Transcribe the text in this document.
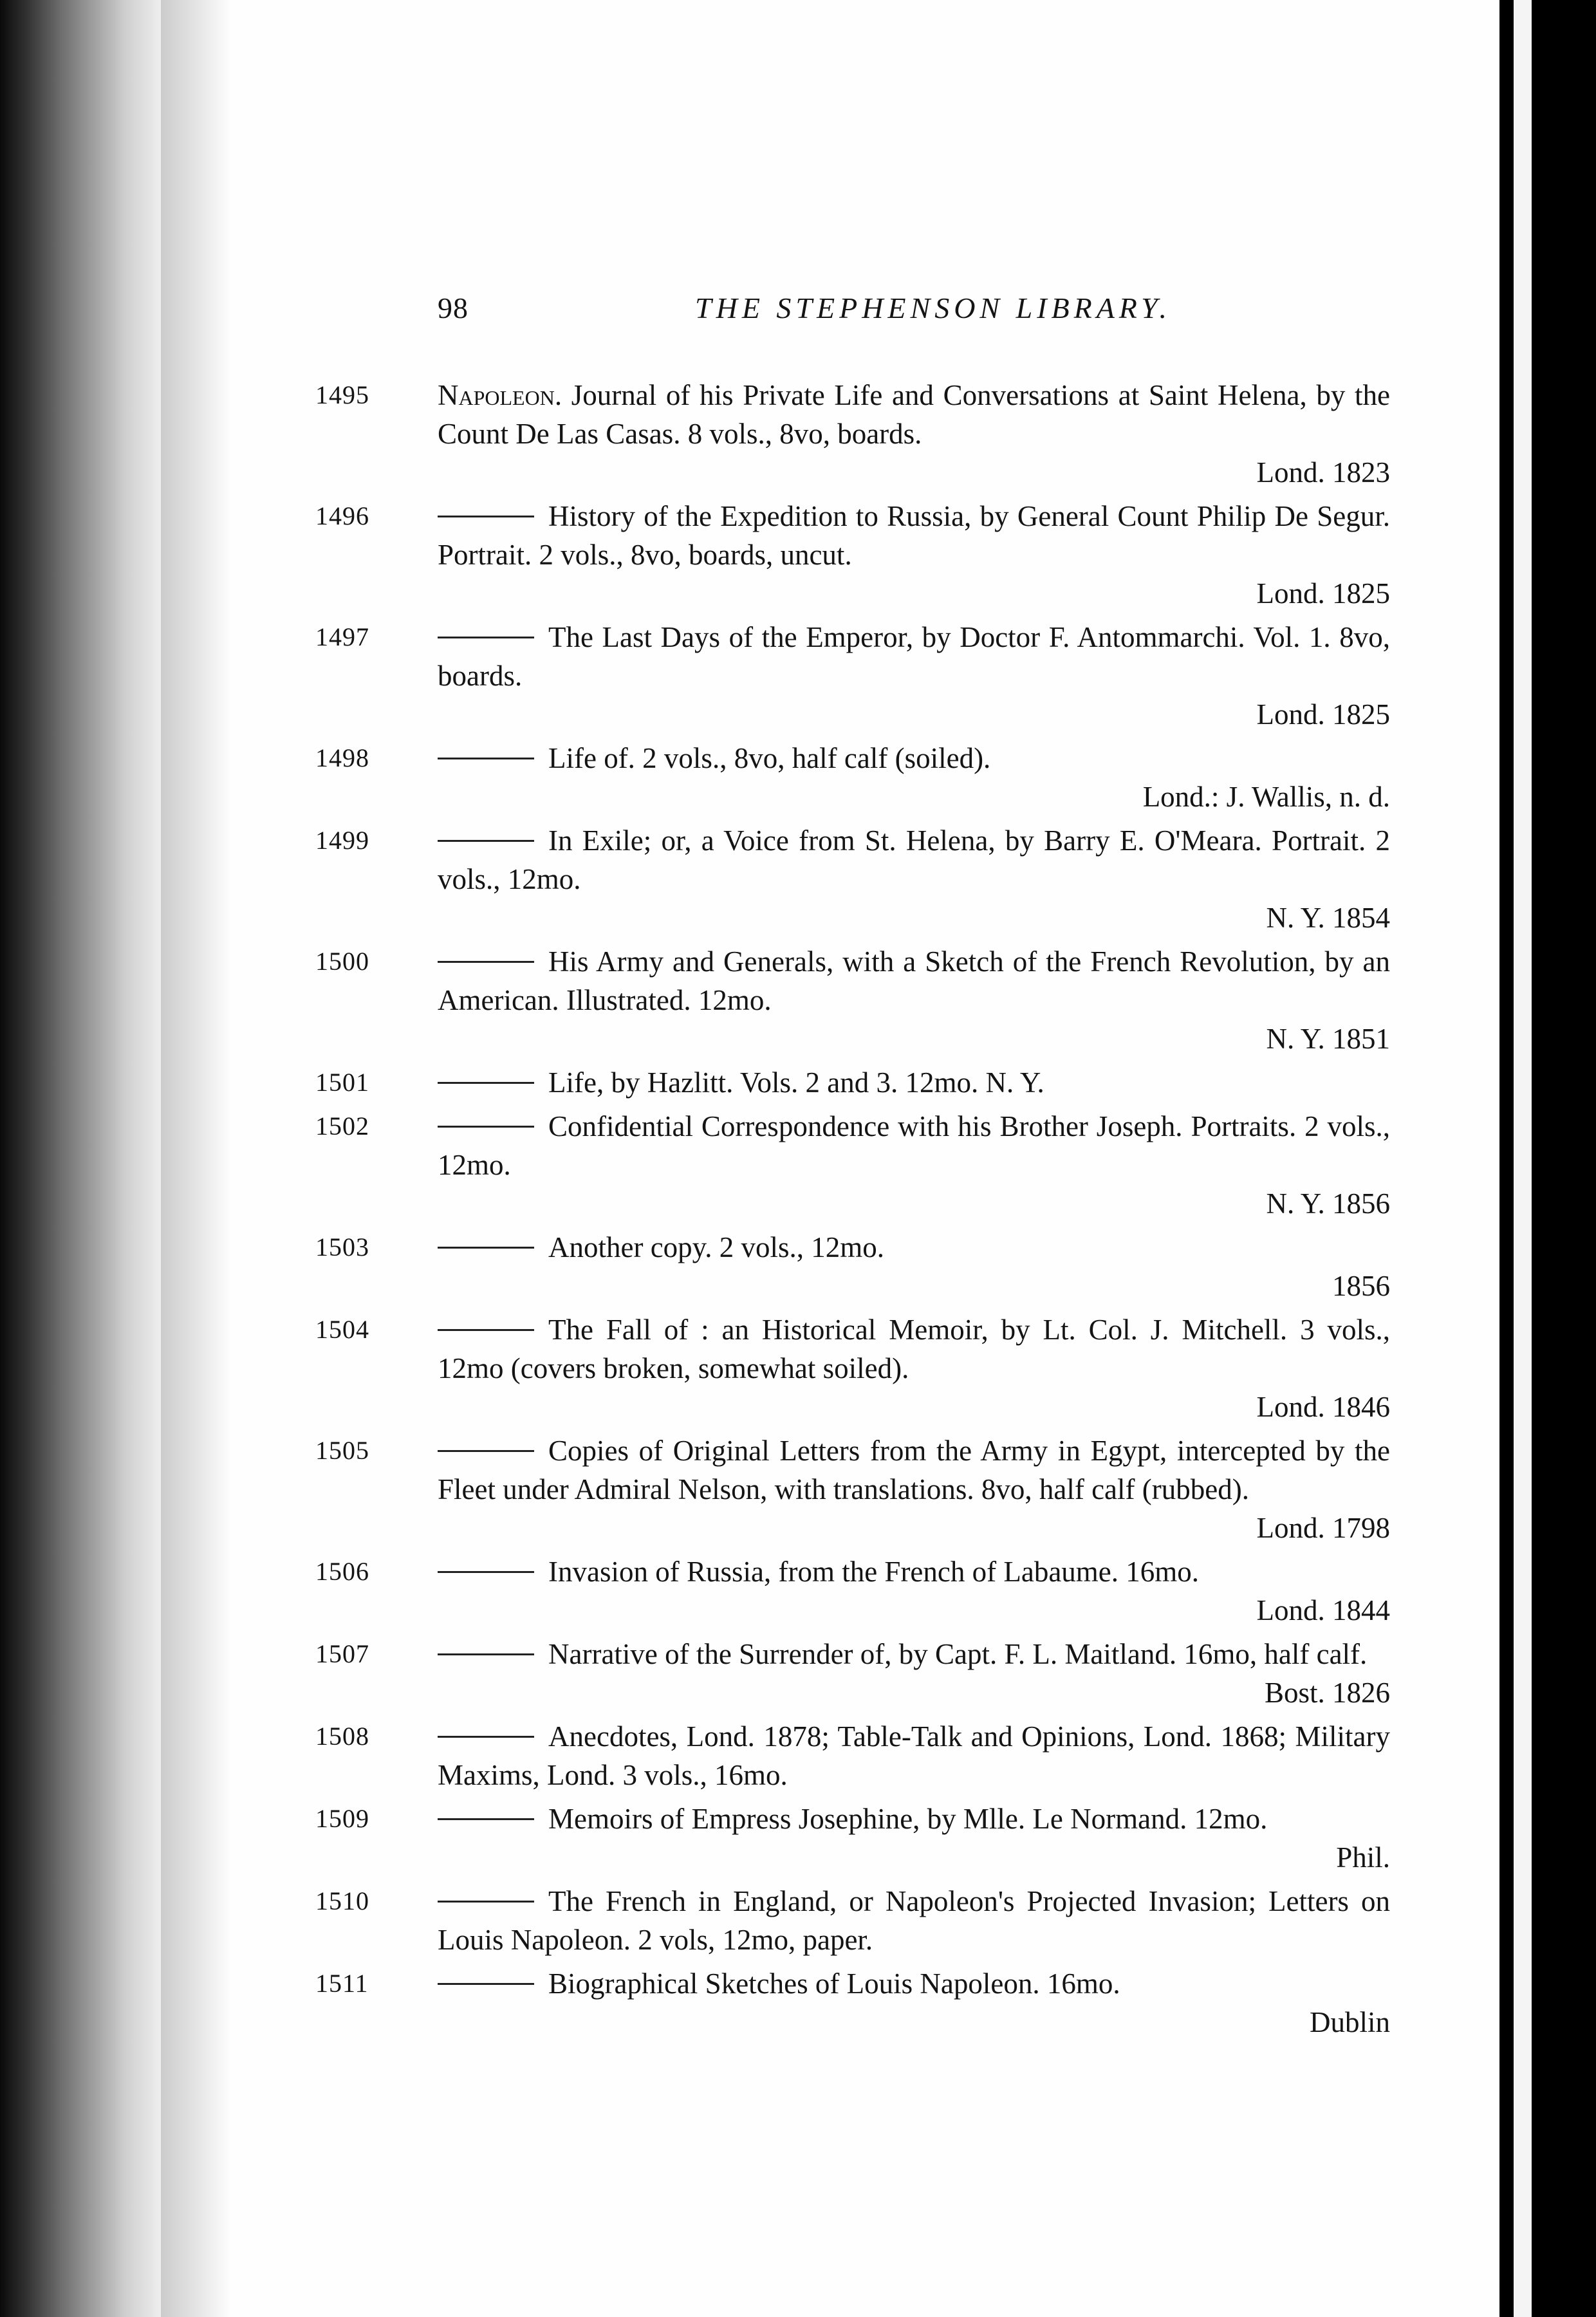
98	THE STEPHENSON LIBRARY.
1495	Napoleon. Journal of his Private Life and Conversations at Saint Helena, by the Count De Las Casas. 8 vols., 8vo, boards.
Lond. 1823
1496	History of the Expedition to Russia, by General Count Philip De Segur. Portrait. 2 vols., 8vo, boards, uncut.
Lond. 1825
1497	The Last Days of the Emperor, by Doctor F. Antommarchi. Vol. 1. 8vo, boards.
Lond. 1825
1498	Life of. 2 vols., 8vo, half calf (soiled).
Lond.: J. Wallis, n. d.
1499	In Exile; or, a Voice from St. Helena, by Barry E. O'Meara. Portrait. 2 vols., 12mo.
N. Y. 1854
1500	His Army and Generals, with a Sketch of the French Revolution, by an American. Illustrated. 12mo.
N. Y. 1851
1501	Life, by Hazlitt. Vols. 2 and 3. 12mo. N. Y.
1502	Confidential Correspondence with his Brother Joseph. Portraits. 2 vols., 12mo.
N. Y. 1856
1503	Another copy. 2 vols., 12mo.
1856
1504	The Fall of : an Historical Memoir, by Lt. Col. J. Mitchell. 3 vols., 12mo (covers broken, somewhat soiled).
Lond. 1846
1505	Copies of Original Letters from the Army in Egypt, intercepted by the Fleet under Admiral Nelson, with translations. 8vo, half calf (rubbed).
Lond. 1798
1506	Invasion of Russia, from the French of Labaume. 16mo.
Lond. 1844
1507	Narrative of the Surrender of, by Capt. F. L. Maitland. 16mo, half calf.
Bost. 1826
1508	Anecdotes, Lond. 1878; Table-Talk and Opinions, Lond. 1868; Military Maxims, Lond. 3 vols., 16mo.
1509	Memoirs of Empress Josephine, by Mlle. Le Normand. 12mo.
Phil.
1510	The French in England, or Napoleon's Projected Invasion; Letters on Louis Napoleon. 2 vols, 12mo, paper.
1511	Biographical Sketches of Louis Napoleon. 16mo.
Dublin
